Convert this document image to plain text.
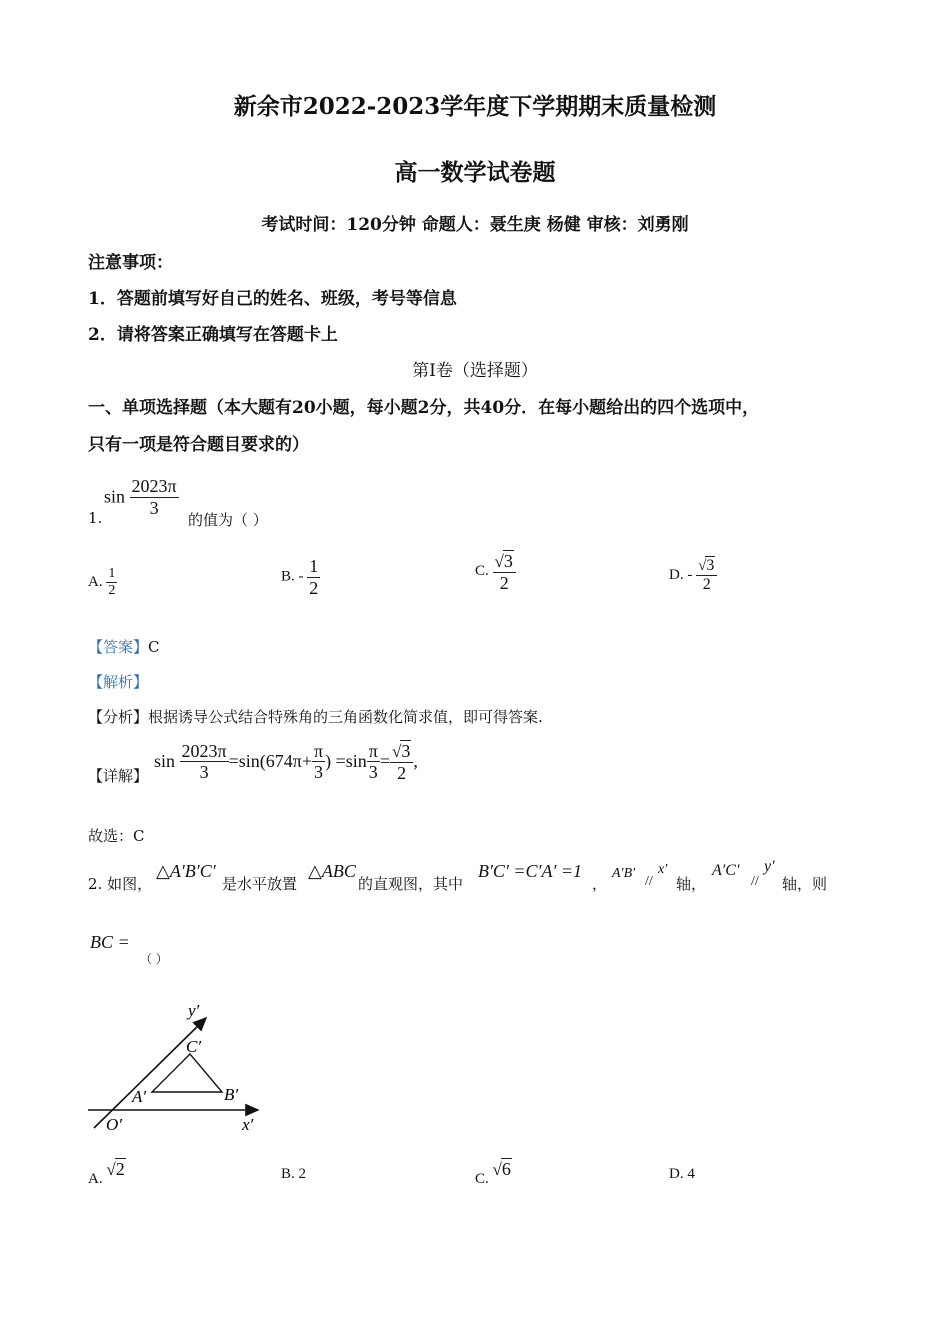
新余市2022-2023学年度下学期期末质量检测
高一数学试卷题
考试时间：120分钟 命题人：聂生庚 杨健 审核：刘勇刚
注意事项：
1．答题前填写好自己的姓名、班级，考号等信息
2．请将答案正确填写在答题卡上
第Ⅰ卷（选择题）
一、单项选择题（本大题有20小题，每小题2分，共40分．在每小题给出的四个选项中，
只有一项是符合题目要求的）
1.
$\sin \frac{2023\pi}{3}$
的值为（ ）
A. $\frac{1}{2}$	B. - $\frac{1}{2}$	C. $\frac{√3}{2}$	D. - $\frac{√3}{2}$
【答案】C
【解析】
【分析】根据诱导公式结合特殊角的三角函数化简求值，即可得答案.
【详解】
$\sin \frac{2023\pi}{3} =\sin(674\pi+ \frac{\pi}{3}$ ) $=\sin \frac{\pi}{3} = \frac{√3}{2}$ ,
故选：C
2. 如图，
△A′B′C′
是水平放置
△ABC
的直观图，其中
B′C′ =C′A′ =1
，
A′B′
//
x′
轴，
A′C′
//
y′
轴，则
BC =
（ ）
y′
x′
O′
A′	B′
C′
A. √2	B. 2	C. √6	D. 4
